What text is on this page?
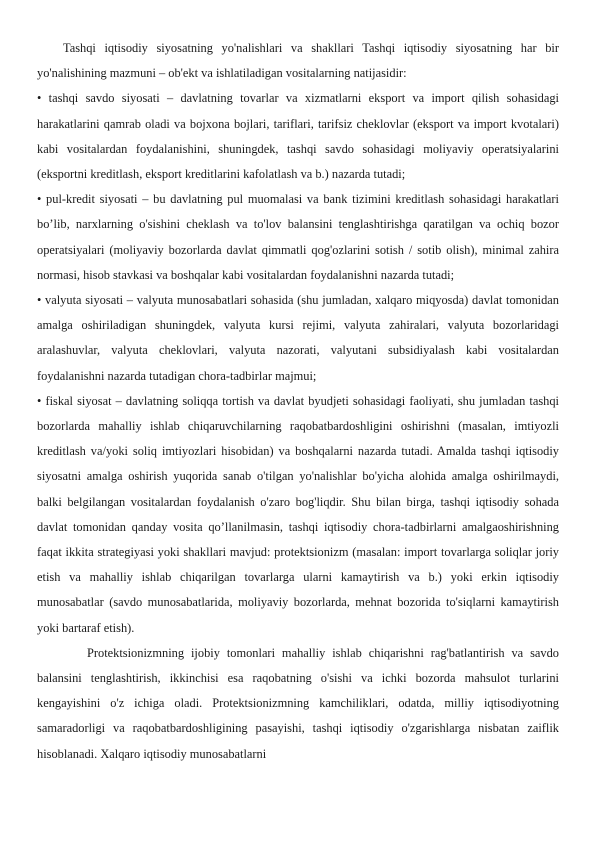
Tashqi iqtisodiy siyosatning yo'nalishlari va shakllari Tashqi iqtisodiy siyosatning har bir yo'nalishining mazmuni – ob'ekt va ishlatiladigan vositalarning natijasidir:

• tashqi savdo siyosati – davlatning tovarlar va xizmatlarni eksport va import qilish sohasidagi harakatlarini qamrab oladi va bojxona bojlari, tariflari, tarifsiz cheklovlar (eksport va import kvotalari) kabi vositalardan foydalanishini, shuningdek, tashqi savdo sohasidagi moliyaviy operatsiyalarini (eksportni kreditlash, eksport kreditlarini kafolatlash va b.) nazarda tutadi;

• pul-kredit siyosati – bu davlatning pul muomalasi va bank tizimini kreditlash sohasidagi harakatlari bo’lib, narxlarning o'sishini cheklash va to'lov balansini tenglashtirishga qaratilgan va ochiq bozor operatsiyalari (moliyaviy bozorlarda davlat qimmatli qog'ozlarini sotish / sotib olish), minimal zahira normasi, hisob stavkasi va boshqalar kabi vositalardan foydalanishni nazarda tutadi;

• valyuta siyosati – valyuta munosabatlari sohasida (shu jumladan, xalqaro miqyosda) davlat tomonidan amalga oshiriladigan shuningdek, valyuta kursi rejimi, valyuta zahiralari, valyuta bozorlaridagi aralashuvlar, valyuta cheklovlari, valyuta nazorati, valyutani subsidiyalash kabi vositalardan foydalanishni nazarda tutadigan chora-tadbirlar majmui;

• fiskal siyosat – davlatning soliqqa tortish va davlat byudjeti sohasidagi faoliyati, shu jumladan tashqi bozorlarda mahalliy ishlab chiqaruvchilarning raqobatbardoshligini oshirishni (masalan, imtiyozli kreditlash va/yoki soliq imtiyozlari hisobidan) va boshqalarni nazarda tutadi. Amalda tashqi iqtisodiy siyosatni amalga oshirish yuqorida sanab o'tilgan yo'nalishlar bo'yicha alohida amalga oshirilmaydi, balki belgilangan vositalardan foydalanish o'zaro bog'liqdir. Shu bilan birga, tashqi iqtisodiy sohada davlat tomonidan qanday vosita qo’llanilmasin, tashqi iqtisodiy chora-tadbirlarni amalgaoshirishning faqat ikkita strategiyasi yoki shakllari mavjud: protektsionizm (masalan: import tovarlarga soliqlar joriy etish va mahalliy ishlab chiqarilgan tovarlarga ularni kamaytirish va b.) yoki erkin iqtisodiy munosabatlar (savdo munosabatlarida, moliyaviy bozorlarda, mehnat bozorida to'siqlarni kamaytirish yoki bartaraf etish).

Protektsionizmning ijobiy tomonlari mahalliy ishlab chiqarishni rag'batlantirish va savdo balansini tenglashtirish, ikkinchisi esa raqobatning o'sishi va ichki bozorda mahsulot turlarini kengayishini o'z ichiga oladi. Protektsionizmning kamchiliklari, odatda, milliy iqtisodiyotning samaradorligi va raqobatbardoshligining pasayishi, tashqi iqtisodiy o'zgarishlarga nisbatan zaiflik hisoblanadi. Xalqaro iqtisodiy munosabatlarni
